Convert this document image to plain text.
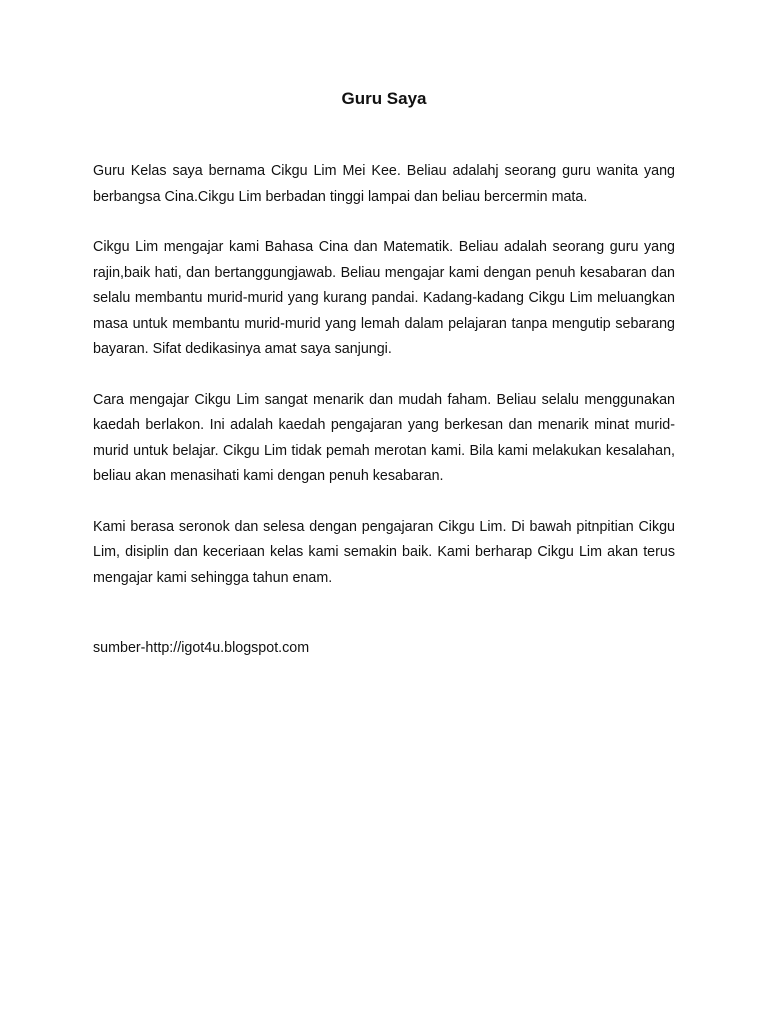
Guru Saya

Guru Kelas saya bernama Cikgu Lim Mei Kee. Beliau adalahj seorang guru wanita yang berbangsa Cina.Cikgu Lim berbadan tinggi lampai dan beliau bercermin mata.

Cikgu Lim mengajar kami Bahasa Cina dan Matematik. Beliau adalah seorang guru yang rajin,baik hati, dan bertanggungjawab. Beliau mengajar kami dengan penuh kesabaran dan selalu membantu murid-murid yang kurang pandai. Kadang-kadang Cikgu Lim meluangkan masa untuk membantu murid-murid yang lemah dalam pelajaran tanpa mengutip sebarang bayaran. Sifat dedikasinya amat saya sanjungi.

Cara mengajar Cikgu Lim sangat menarik dan mudah faham. Beliau selalu menggunakan kaedah berlakon. Ini adalah kaedah pengajaran yang berkesan dan menarik minat murid-murid untuk belajar. Cikgu Lim tidak pemah merotan kami. Bila kami melakukan kesalahan, beliau akan menasihati kami dengan penuh kesabaran.

Kami berasa seronok dan selesa dengan pengajaran Cikgu Lim. Di bawah pitnpitian Cikgu Lim, disiplin dan keceriaan kelas kami semakin baik. Kami berharap Cikgu Lim akan terus mengajar kami sehingga tahun enam.

sumber-http://igot4u.blogspot.com
